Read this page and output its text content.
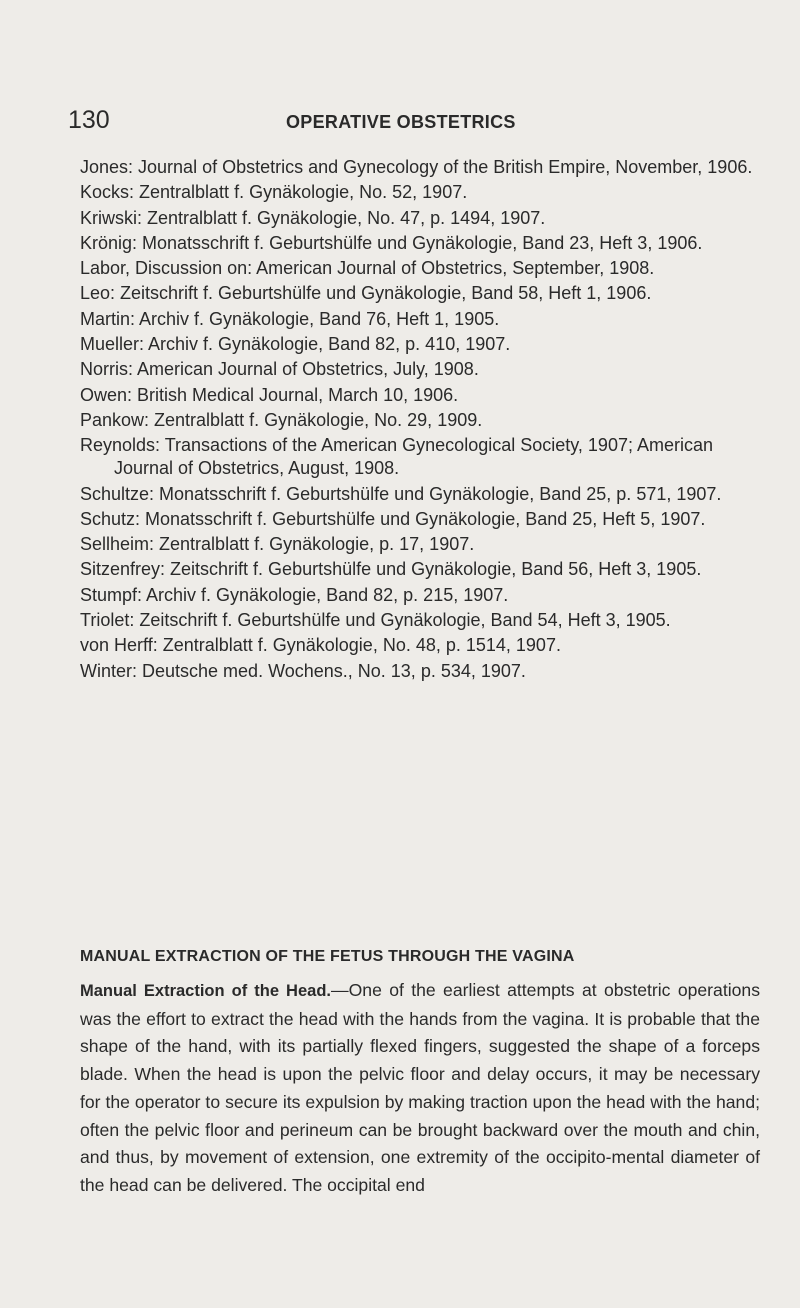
130	OPERATIVE OBSTETRICS
Jones: Journal of Obstetrics and Gynecology of the British Empire, November, 1906.
Kocks: Zentralblatt f. Gynäkologie, No. 52, 1907.
Kriwski: Zentralblatt f. Gynäkologie, No. 47, p. 1494, 1907.
Krönig: Monatsschrift f. Geburtshülfe und Gynäkologie, Band 23, Heft 3, 1906.
Labor, Discussion on: American Journal of Obstetrics, September, 1908.
Leo: Zeitschrift f. Geburtshülfe und Gynäkologie, Band 58, Heft 1, 1906.
Martin: Archiv f. Gynäkologie, Band 76, Heft 1, 1905.
Mueller: Archiv f. Gynäkologie, Band 82, p. 410, 1907.
Norris: American Journal of Obstetrics, July, 1908.
Owen: British Medical Journal, March 10, 1906.
Pankow: Zentralblatt f. Gynäkologie, No. 29, 1909.
Reynolds: Transactions of the American Gynecological Society, 1907; American Journal of Obstetrics, August, 1908.
Schultze: Monatsschrift f. Geburtshülfe und Gynäkologie, Band 25, p. 571, 1907.
Schutz: Monatsschrift f. Geburtshülfe und Gynäkologie, Band 25, Heft 5, 1907.
Sellheim: Zentralblatt f. Gynäkologie, p. 17, 1907.
Sitzenfrey: Zeitschrift f. Geburtshülfe und Gynäkologie, Band 56, Heft 3, 1905.
Stumpf: Archiv f. Gynäkologie, Band 82, p. 215, 1907.
Triolet: Zeitschrift f. Geburtshülfe und Gynäkologie, Band 54, Heft 3, 1905.
von Herff: Zentralblatt f. Gynäkologie, No. 48, p. 1514, 1907.
Winter: Deutsche med. Wochens., No. 13, p. 534, 1907.
MANUAL EXTRACTION OF THE FETUS THROUGH THE VAGINA

Manual Extraction of the Head.—One of the earliest attempts at obstetric operations was the effort to extract the head with the hands from the vagina. It is probable that the shape of the hand, with its partially flexed fingers, suggested the shape of a forceps blade. When the head is upon the pelvic floor and delay occurs, it may be necessary for the operator to secure its expulsion by making traction upon the head with the hand; often the pelvic floor and perineum can be brought backward over the mouth and chin, and thus, by movement of extension, one extremity of the occipito-mental diameter of the head can be delivered. The occipital end
